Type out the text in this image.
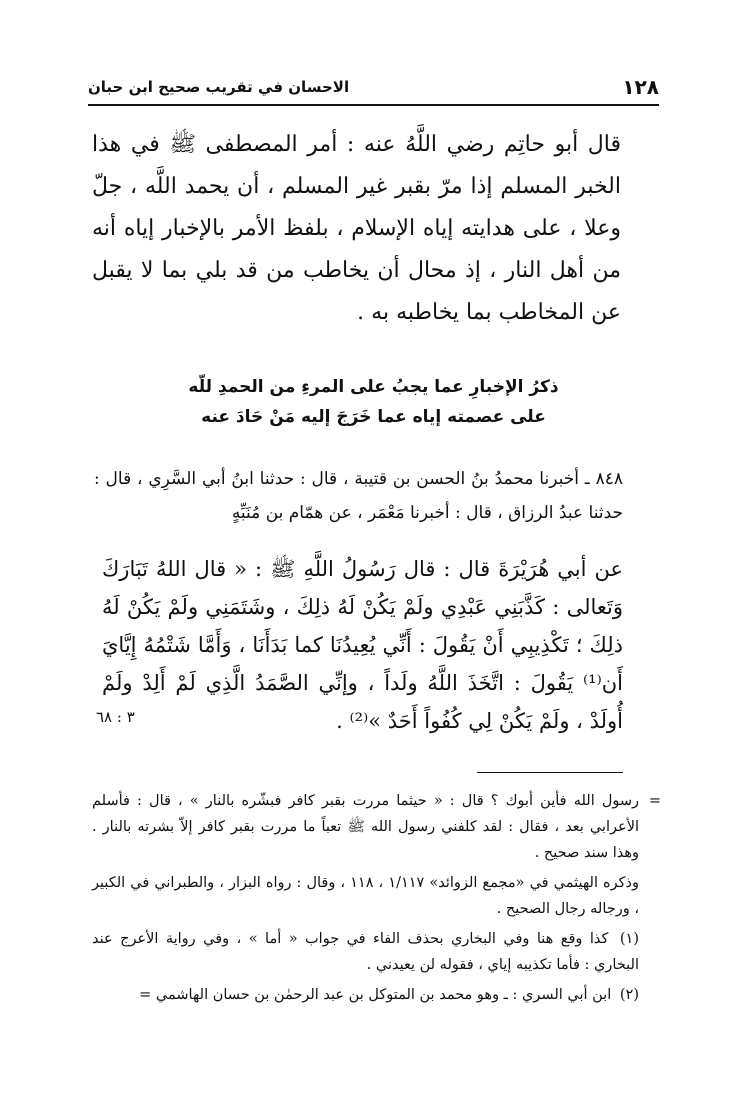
١٢٨
الاحسان في تقريب صحيح ابن حبان

قال أبو حاتِم رضي اللَّهُ عنه : أمر المصطفى ﷺ في هذا الخبر المسلم إذا مرّ بقبر غير المسلم ، أن يحمد اللَّه ، جلّ وعلا ، على هدايته إياه الإسلام ، بلفظ الأمر بالإخبار إياه أنه من أهل النار ، إذ محال أن يخاطب من قد بلي بما لا يقبل عن المخاطب بما يخاطبه به .

ذكرُ الإخبارِ عما يجبُ على المرءِ من الحمدِ للّه
على عصمته إياه عما خَرَجَ إليه مَنْ حَادَ عنه

٨٤٨ ـ أخبرنا محمدُ بنُ الحسن بن قتيبة ، قال : حدثنا ابنُ أبي السَّرِي ، قال : حدثنا عبدُ الرزاق ، قال : أخبرنا مَعْمَر ، عن همّام بن مُنَبِّهٍ

عن أبي هُرَيْرَةَ قال : قال رَسُولُ اللَّهِ ﷺ : « قال اللهُ تَبَارَكَ وَتَعالى : كَذَّبَنِي عَبْدِي ولَمْ يَكُنْ لَهُ ذلِكَ ، وشَتَمَنِي ولَمْ يَكُنْ لَهُ ذلِكَ ؛ تَكْذِيبِي أَنْ يَقُولَ : أَنِّي يُعِيدُنَا كما بَدَأَنَا ، وَأَمَّا شَتْمُهُ إِيَّايَ أَن⁽¹⁾ يَقُولَ : اتَّخَذَ اللَّهُ ولَداً ، وإنِّي الصَّمَدُ الَّذِي لَمْ أَلِدْ ولَمْ أُولَدْ ، ولَمْ يَكُنْ لِي كُفُواً أَحَدٌ »⁽²⁾ .

٣ : ٦٨
=
رسول الله فأين أبوك ؟ قال : « حيثما مررت بقبر كافر فبشّره بالنار » ، قال : فأسلم الأعرابي بعد ، فقال : لقد كلفني رسول الله ﷺ تعباً ما مررت بقبر كافر إلاّ بشرته بالنار . وهذا سند صحيح .
وذكره الهيثمي في «مجمع الزوائد» ١/١١٧ ، ١١٨ ، وقال : رواه البزار ، والطبراني في الكبير ، ورجاله رجال الصحيح .
(١) كذا وقع هنا وفي البخاري بحذف الفاء في جواب « أما » ، وفي رواية الأعرج عند البخاري : فأما تكذيبه إياي ، فقوله لن يعيدني .
(٢) ابن أبي السري : ـ وهو محمد بن المتوكل بن عبد الرحمٰن بن حسان الهاشمي =
